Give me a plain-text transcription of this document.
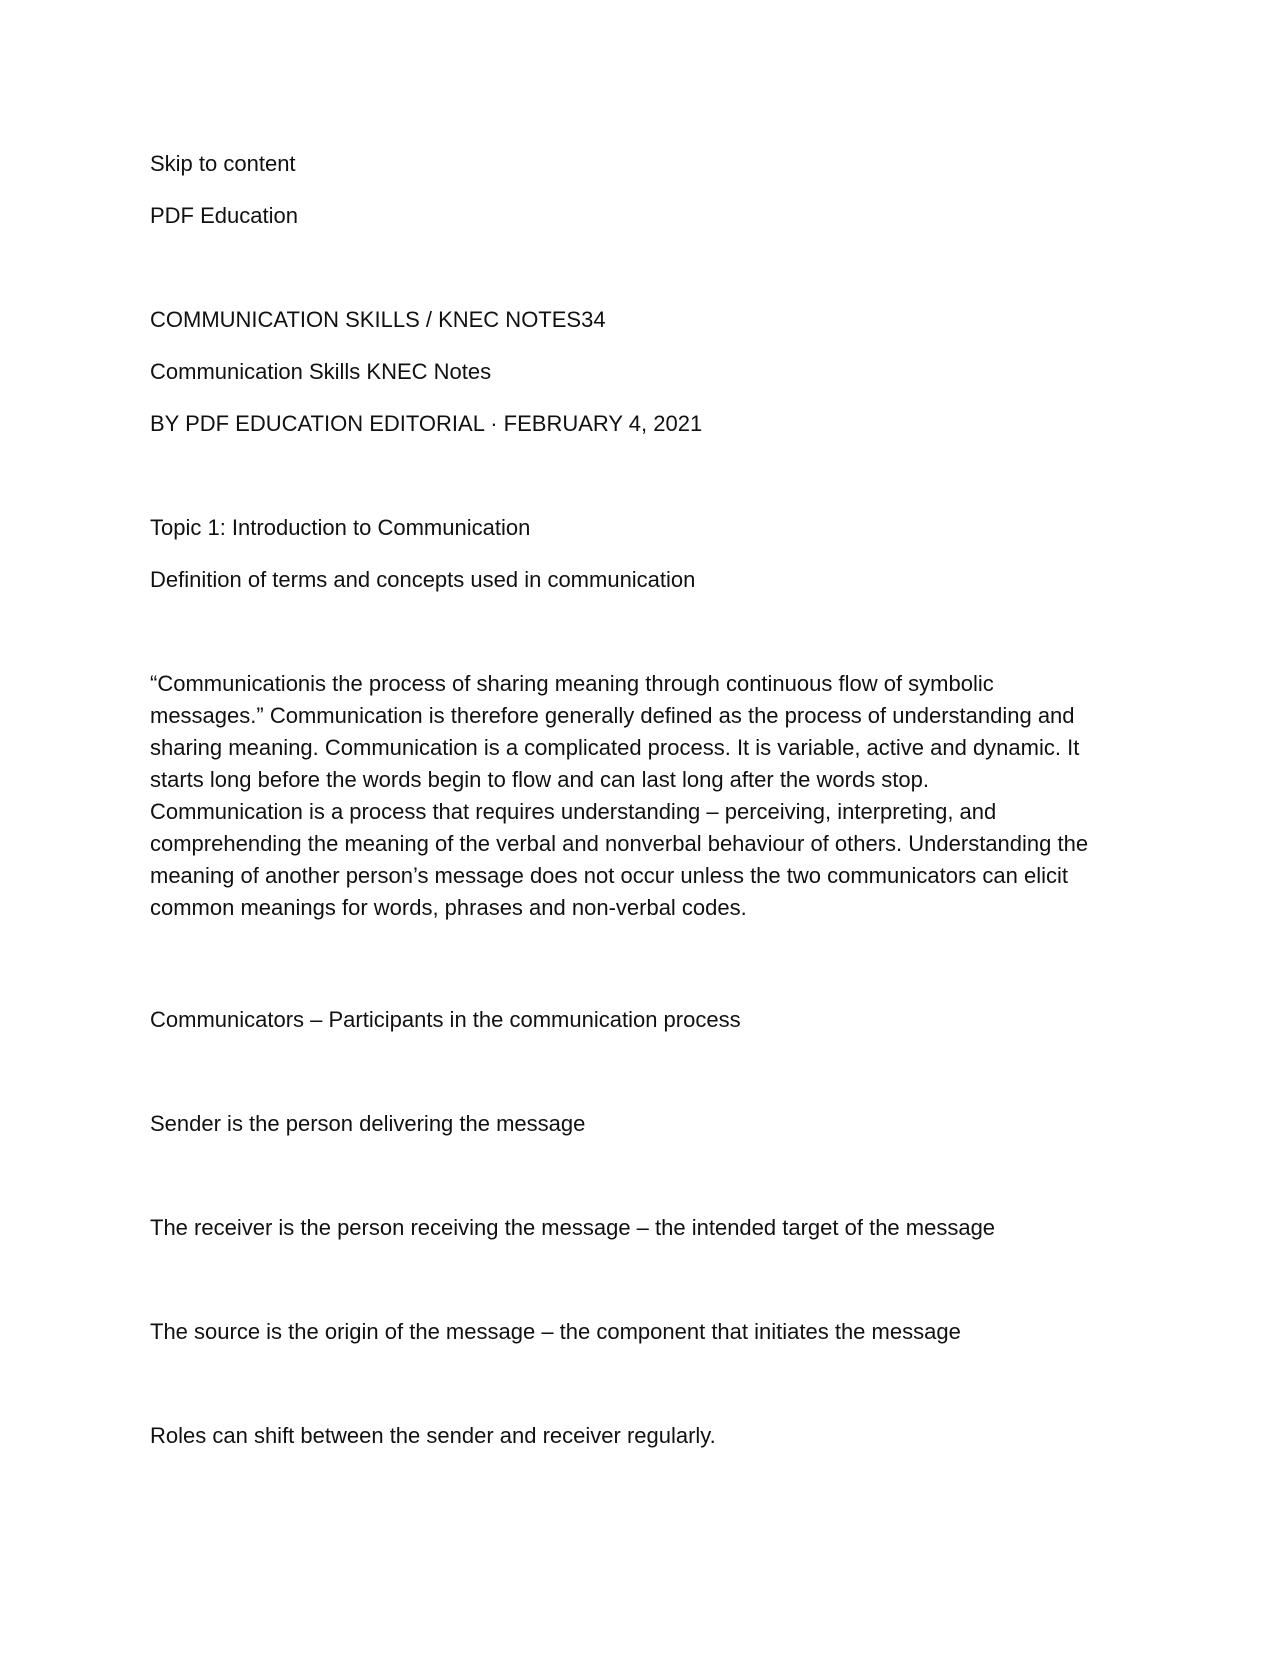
Skip to content

PDF Education

COMMUNICATION SKILLS / KNEC NOTES34

Communication Skills KNEC Notes

BY PDF EDUCATION EDITORIAL · FEBRUARY 4, 2021

Topic 1: Introduction to Communication

Definition of terms and concepts used in communication

“Communicationis the process of sharing meaning through continuous flow of symbolic
messages.” Communication is therefore generally defined as the process of understanding and
sharing meaning. Communication is a complicated process. It is variable, active and dynamic. It
starts long before the words begin to flow and can last long after the words stop.
Communication is a process that requires understanding – perceiving, interpreting, and
comprehending the meaning of the verbal and nonverbal behaviour of others. Understanding the
meaning of another person’s message does not occur unless the two communicators can elicit
common meanings for words, phrases and non-verbal codes.

Communicators – Participants in the communication process

Sender is the person delivering the message

The receiver is the person receiving the message – the intended target of the message

The source is the origin of the message – the component that initiates the message

Roles can shift between the sender and receiver regularly.
